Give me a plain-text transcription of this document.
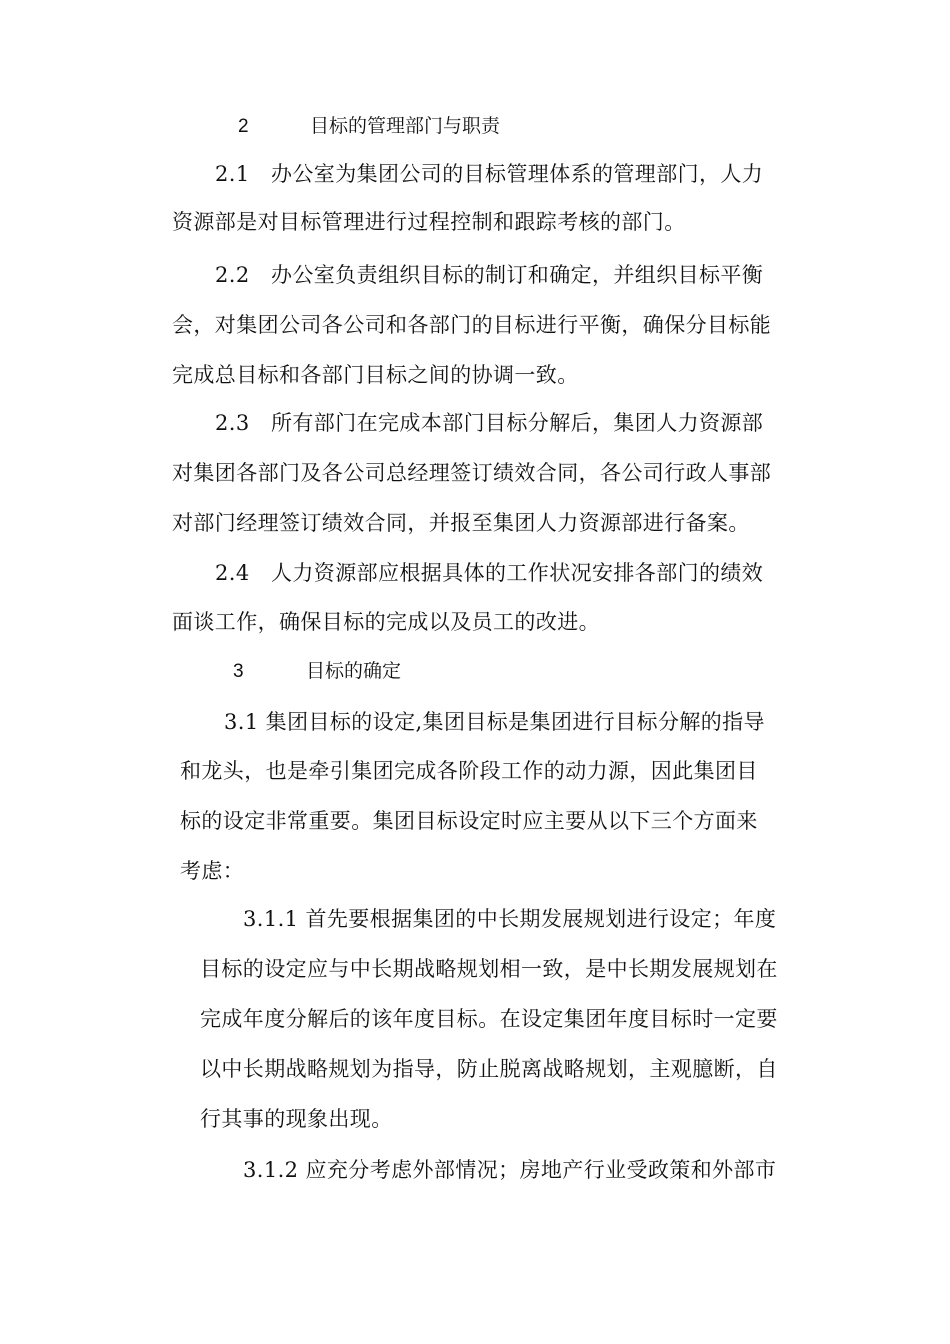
2	目标的管理部门与职责
2.1　办公室为集团公司的目标管理体系的管理部门，人力
资源部是对目标管理进行过程控制和跟踪考核的部门。
2.2　办公室负责组织目标的制订和确定，并组织目标平衡
会，对集团公司各公司和各部门的目标进行平衡，确保分目标能
完成总目标和各部门目标之间的协调一致。
2.3　所有部门在完成本部门目标分解后，集团人力资源部
对集团各部门及各公司总经理签订绩效合同，各公司行政人事部
对部门经理签订绩效合同，并报至集团人力资源部进行备案。
2.4　人力资源部应根据具体的工作状况安排各部门的绩效
面谈工作，确保目标的完成以及员工的改进。
3	目标的确定
3.1 集团目标的设定,集团目标是集团进行目标分解的指导
和龙头，也是牵引集团完成各阶段工作的动力源，因此集团目
标的设定非常重要。集团目标设定时应主要从以下三个方面来
考虑：
3.1.1 首先要根据集团的中长期发展规划进行设定；年度
目标的设定应与中长期战略规划相一致，是中长期发展规划在
完成年度分解后的该年度目标。在设定集团年度目标时一定要
以中长期战略规划为指导，防止脱离战略规划，主观臆断，自
行其事的现象出现。
3.1.2 应充分考虑外部情况；房地产行业受政策和外部市
